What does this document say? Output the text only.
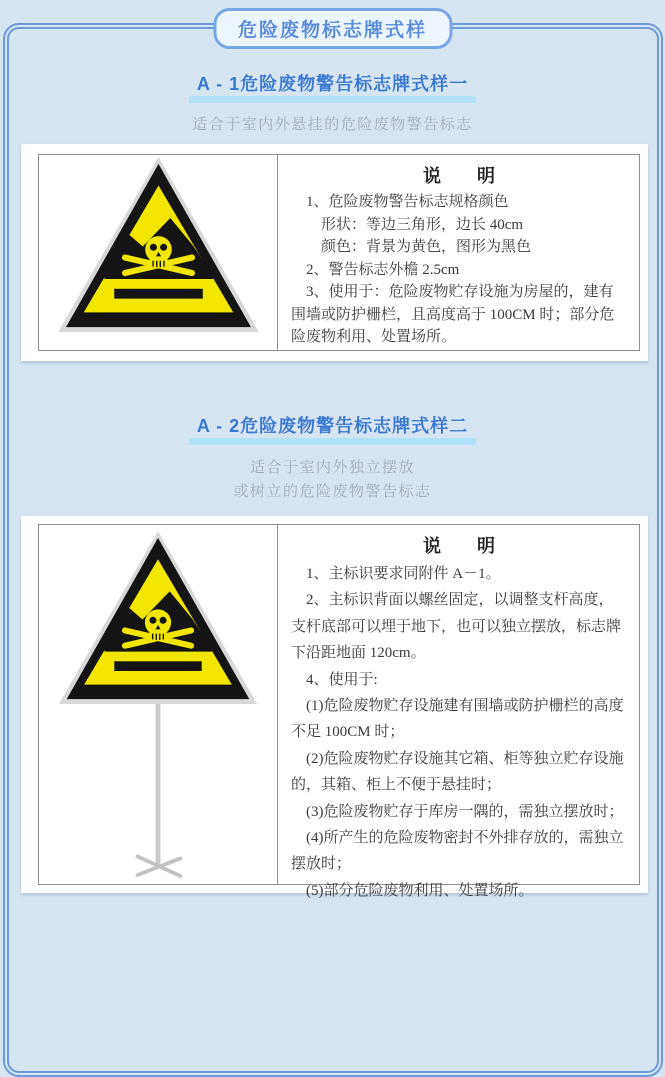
危险废物标志牌式样
A - 1危险废物警告标志牌式样一
适合于室内外悬挂的危险废物警告标志
说　　明

1、危险废物警告标志规格颜色

形状：等边三角形，边长 40cm

颜色：背景为黄色，图形为黑色

2、警告标志外檐 2.5cm

3、使用于：危险废物贮存设施为房屋的，建有围墙或防护栅栏，且高度高于 100CM 时；部分危险废物利用、处置场所。

A - 2危险废物警告标志牌式样二
适合于室内外独立摆放
或树立的危险废物警告标志
说　　明

1、主标识要求同附件 A－1。

2、主标识背面以螺丝固定，以调整支杆高度，支杆底部可以埋于地下，也可以独立摆放，标志牌下沿距地面 120cm。

4、使用于:

(1)危险废物贮存设施建有围墙或防护栅栏的高度不足 100CM 时；

(2)危险废物贮存设施其它箱、柜等独立贮存设施的，其箱、柜上不便于悬挂时；

(3)危险废物贮存于库房一隅的，需独立摆放时；

(4)所产生的危险废物密封不外排存放的，需独立摆放时；

(5)部分危险废物利用、处置场所。
